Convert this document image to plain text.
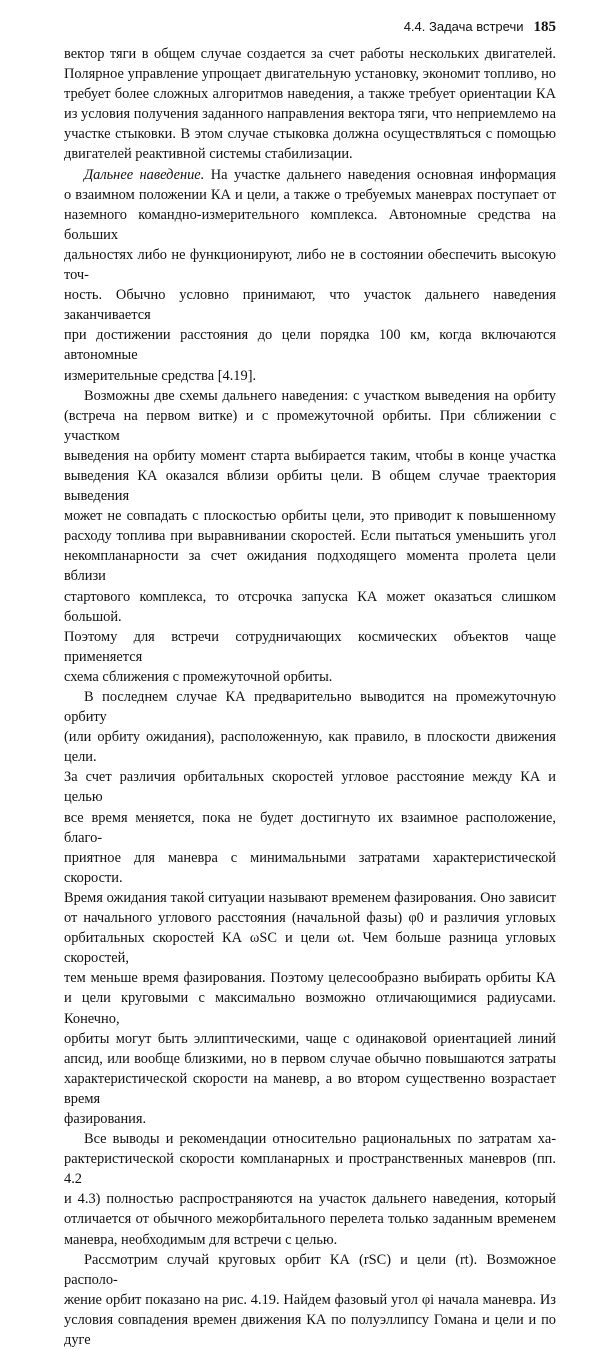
4.4. Задача встречи 185

вектор тяги в общем случае создается за счет работы нескольких двигателей.
Полярное управление упрощает двигательную установку, экономит топливо, но
требует более сложных алгоритмов наведения, а также требует ориентации КА
из условия получения заданного направления вектора тяги, что неприемлемо на
участке стыковки. В этом случае стыковка должна осуществляться с помощью
двигателей реактивной системы стабилизации.

Дальнее наведение. На участке дальнего наведения основная информация
о взаимном положении КА и цели, а также о требуемых маневрах поступает от
наземного командно-измерительного комплекса. Автономные средства на больших
дальностях либо не функционируют, либо не в состоянии обеспечить высокую точ-
ность. Обычно условно принимают, что участок дальнего наведения заканчивается
при достижении расстояния до цели порядка 100 км, когда включаются автономные
измерительные средства [4.19].

Возможны две схемы дальнего наведения: с участком выведения на орбиту
(встреча на первом витке) и с промежуточной орбиты. При сближении с участком
выведения на орбиту момент старта выбирается таким, чтобы в конце участка
выведения КА оказался вблизи орбиты цели. В общем случае траектория выведения
может не совпадать с плоскостью орбиты цели, это приводит к повышенному
расходу топлива при выравнивании скоростей. Если пытаться уменьшить угол
некомпланарности за счет ожидания подходящего момента пролета цели вблизи
стартового комплекса, то отсрочка запуска КА может оказаться слишком большой.
Поэтому для встречи сотрудничающих космических объектов чаще применяется
схема сближения с промежуточной орбиты.

В последнем случае КА предварительно выводится на промежуточную орбиту
(или орбиту ожидания), расположенную, как правило, в плоскости движения цели.
За счет различия орбитальных скоростей угловое расстояние между КА и целью
все время меняется, пока не будет достигнуто их взаимное расположение, благо-
приятное для маневра с минимальными затратами характеристической скорости.
Время ожидания такой ситуации называют временем фазирования. Оно зависит
от начального углового расстояния (начальной фазы) φ0 и различия угловых
орбитальных скоростей КА ωSC и цели ωt. Чем больше разница угловых скоростей,
тем меньше время фазирования. Поэтому целесообразно выбирать орбиты КА
и цели круговыми с максимально возможно отличающимися радиусами. Конечно,
орбиты могут быть эллиптическими, чаще с одинаковой ориентацией линий
апсид, или вообще близкими, но в первом случае обычно повышаются затраты
характеристической скорости на маневр, а во втором существенно возрастает время
фазирования.

Все выводы и рекомендации относительно рациональных по затратам ха-
рактеристической скорости компланарных и пространственных маневров (пп. 4.2
и 4.3) полностью распространяются на участок дальнего наведения, который
отличается от обычного межорбитального перелета только заданным временем
маневра, необходимым для встречи с целью.

Рассмотрим случай круговых орбит КА (rSC) и цели (rt). Возможное располо-
жение орбит показано на рис. 4.19. Найдем фазовый угол φi начала маневра. Из
условия совпадения времен движения КА по полуэллипсу Гомана и цели и по дуге
